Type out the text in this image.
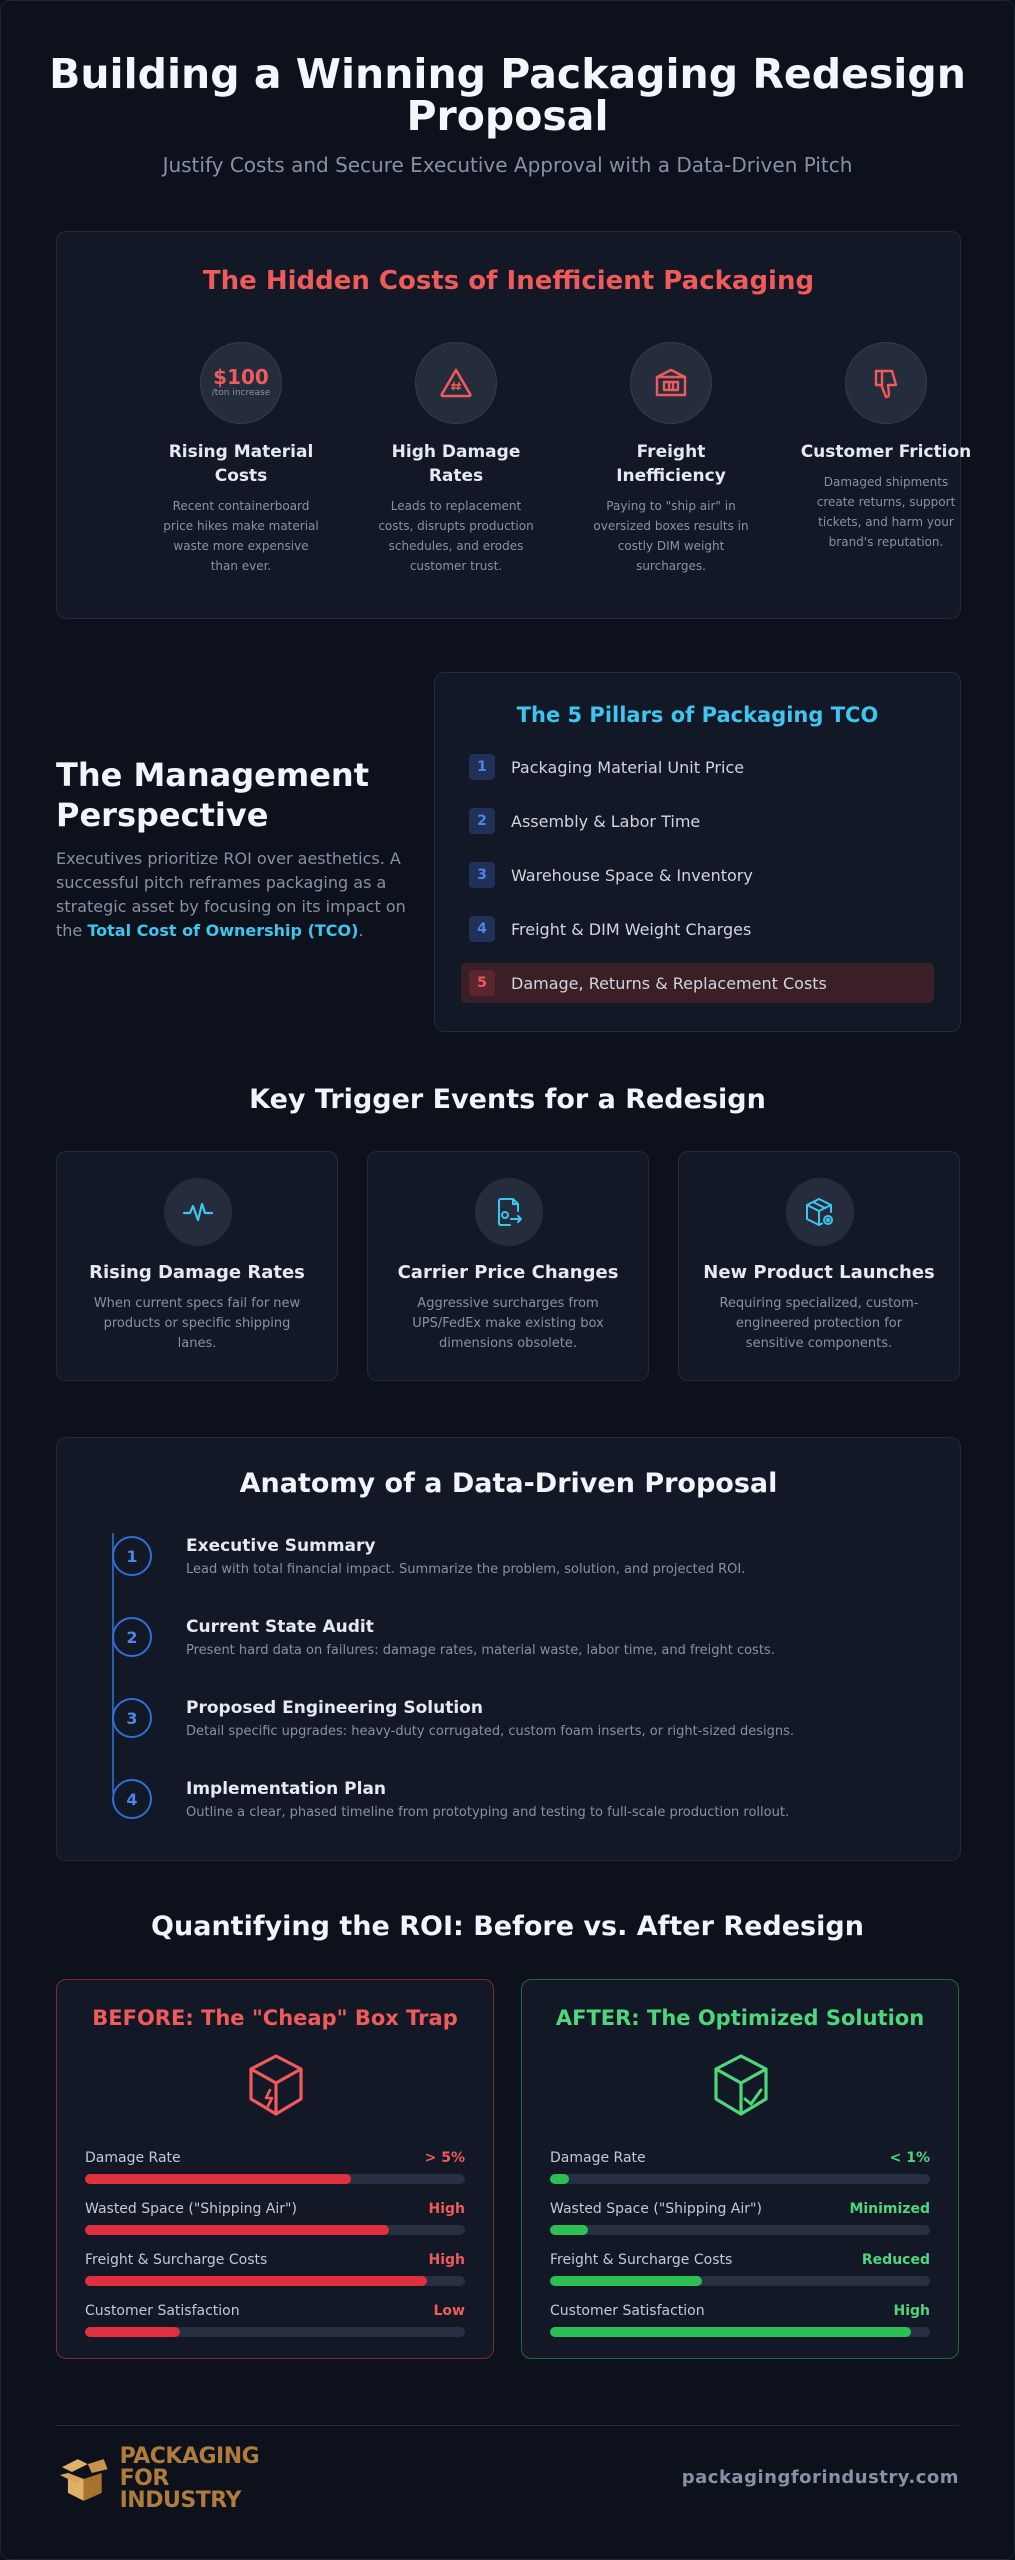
Building a Winning Packaging Redesign Proposal
Justify Costs and Secure Executive Approval with a Data-Driven Pitch
The Hidden Costs of Inefficient Packaging
$100
/ton increase
Rising Material Costs
Recent containerboard price hikes make material waste more expensive than ever.
High Damage Rates
Leads to replacement costs, disrupts production schedules, and erodes customer trust.
Freight Inefficiency
Paying to "ship air" in oversized boxes results in costly DIM weight surcharges.
Customer Friction
Damaged shipments create returns, support tickets, and harm your brand's reputation.
The Management Perspective

Executives prioritize ROI over aesthetics. A successful pitch reframes packaging as a strategic asset by focusing on its impact on the Total Cost of Ownership (TCO).

The 5 Pillars of Packaging TCO
1	Packaging Material Unit Price
2	Assembly & Labor Time
3	Warehouse Space & Inventory
4	Freight & DIM Weight Charges
5	Damage, Returns & Replacement Costs
Key Trigger Events for a Redesign
Rising Damage Rates
When current specs fail for new products or specific shipping lanes.
Carrier Price Changes
Aggressive surcharges from UPS/FedEx make existing box dimensions obsolete.
New Product Launches
Requiring specialized, custom-engineered protection for sensitive components.
Anatomy of a Data-Driven Proposal
1	Executive Summary
Lead with total financial impact. Summarize the problem, solution, and projected ROI.
2	Current State Audit
Present hard data on failures: damage rates, material waste, labor time, and freight costs.
3	Proposed Engineering Solution
Detail specific upgrades: heavy-duty corrugated, custom foam inserts, or right-sized designs.
4	Implementation Plan
Outline a clear, phased timeline from prototyping and testing to full-scale production rollout.
Quantifying the ROI: Before vs. After Redesign
BEFORE: The "Cheap" Box Trap
Damage Rate	> 5%
Wasted Space ("Shipping Air")	High
Freight & Surcharge Costs	High
Customer Satisfaction	Low
AFTER: The Optimized Solution
Damage Rate	< 1%
Wasted Space ("Shipping Air")	Minimized
Freight & Surcharge Costs	Reduced
Customer Satisfaction	High
PACKAGING
FOR INDUSTRY
packagingforindustry.com
